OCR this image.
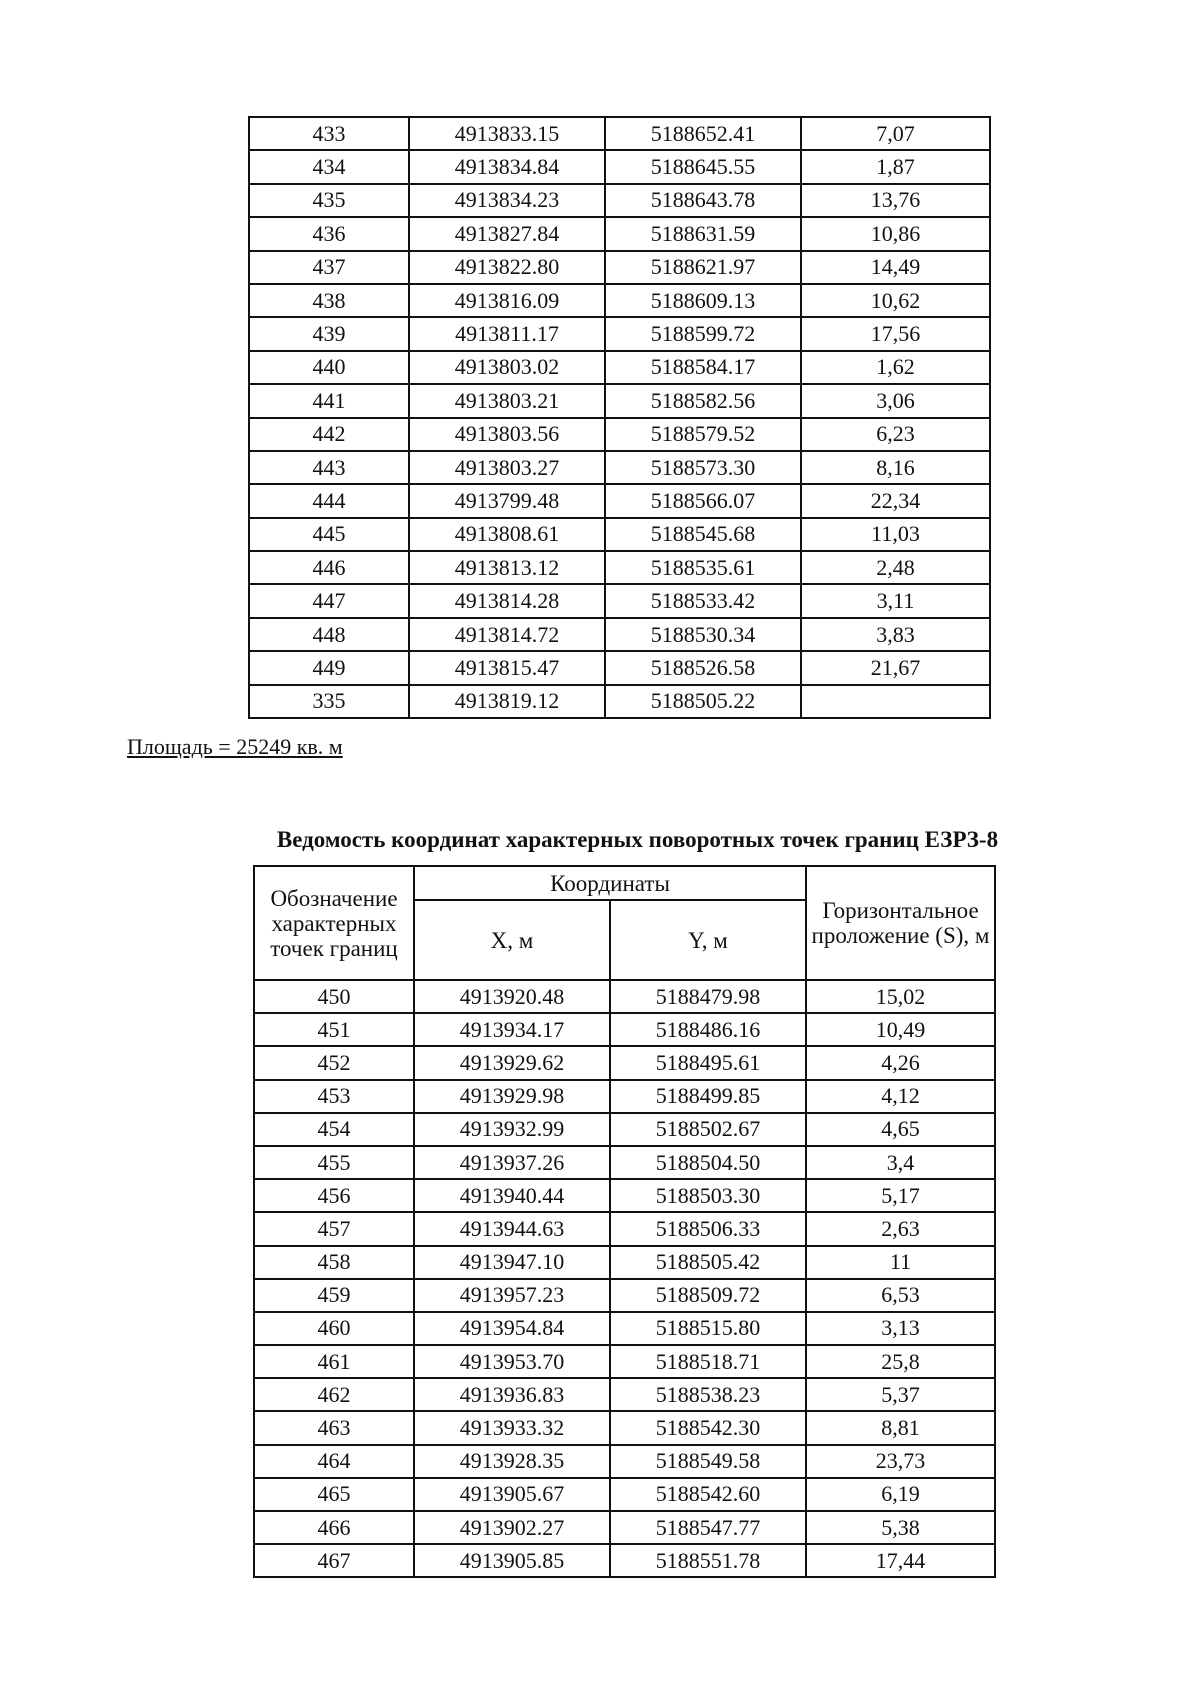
433	4913833.15	5188652.41	7,07
434	4913834.84	5188645.55	1,87
435	4913834.23	5188643.78	13,76
436	4913827.84	5188631.59	10,86
437	4913822.80	5188621.97	14,49
438	4913816.09	5188609.13	10,62
439	4913811.17	5188599.72	17,56
440	4913803.02	5188584.17	1,62
441	4913803.21	5188582.56	3,06
442	4913803.56	5188579.52	6,23
443	4913803.27	5188573.30	8,16
444	4913799.48	5188566.07	22,34
445	4913808.61	5188545.68	11,03
446	4913813.12	5188535.61	2,48
447	4913814.28	5188533.42	3,11
448	4913814.72	5188530.34	3,83
449	4913815.47	5188526.58	21,67
335	4913819.12	5188505.22	
Площадь = 25249 кв. м
Ведомость координат характерных поворотных точек границ ЕЗРЗ-8
Обозначение характерных точек границ	Координаты		Горизонтальное проложение (S), м
	X, м	Y, м	
450	4913920.48	5188479.98	15,02
451	4913934.17	5188486.16	10,49
452	4913929.62	5188495.61	4,26
453	4913929.98	5188499.85	4,12
454	4913932.99	5188502.67	4,65
455	4913937.26	5188504.50	3,4
456	4913940.44	5188503.30	5,17
457	4913944.63	5188506.33	2,63
458	4913947.10	5188505.42	11
459	4913957.23	5188509.72	6,53
460	4913954.84	5188515.80	3,13
461	4913953.70	5188518.71	25,8
462	4913936.83	5188538.23	5,37
463	4913933.32	5188542.30	8,81
464	4913928.35	5188549.58	23,73
465	4913905.67	5188542.60	6,19
466	4913902.27	5188547.77	5,38
467	4913905.85	5188551.78	17,44
